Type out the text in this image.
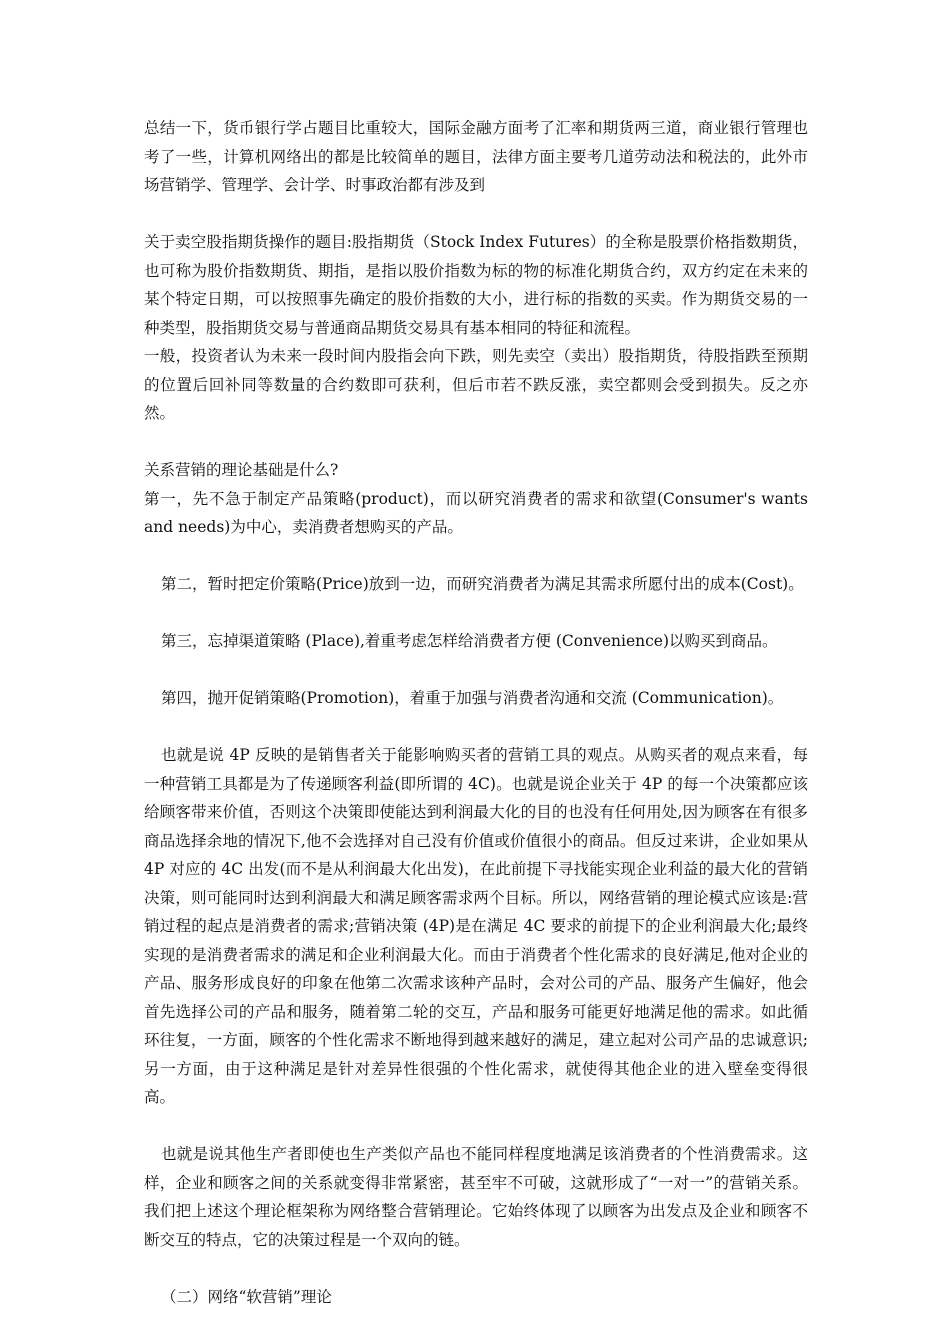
总结一下，货币银行学占题目比重较大，国际金融方面考了汇率和期货两三道，商业银行管理也考了一些，计算机网络出的都是比较简单的题目，法律方面主要考几道劳动法和税法的，此外市场营销学、管理学、会计学、时事政治都有涉及到

关于卖空股指期货操作的题目:股指期货（Stock Index Futures）的全称是股票价格指数期货，也可称为股价指数期货、期指，是指以股价指数为标的物的标准化期货合约，双方约定在未来的某个特定日期，可以按照事先确定的股价指数的大小，进行标的指数的买卖。作为期货交易的一种类型，股指期货交易与普通商品期货交易具有基本相同的特征和流程。

一般，投资者认为未来一段时间内股指会向下跌，则先卖空（卖出）股指期货，待股指跌至预期的位置后回补同等数量的合约数即可获利，但后市若不跌反涨，卖空都则会受到损失。反之亦然。

关系营销的理论基础是什么?

第一，先不急于制定产品策略(product)，而以研究消费者的需求和欲望(Consumer's wants and needs)为中心，卖消费者想购买的产品。

第二，暂时把定价策略(Price)放到一边，而研究消费者为满足其需求所愿付出的成本(Cost)。

第三，忘掉渠道策略 (Place),着重考虑怎样给消费者方便 (Convenience)以购买到商品。

第四，抛开促销策略(Promotion)，着重于加强与消费者沟通和交流 (Communication)。

也就是说 4P 反映的是销售者关于能影响购买者的营销工具的观点。从购买者的观点来看，每一种营销工具都是为了传递顾客利益(即所谓的 4C)。也就是说企业关于 4P 的每一个决策都应该给顾客带来价值，否则这个决策即使能达到利润最大化的目的也没有任何用处,因为顾客在有很多商品选择余地的情况下,他不会选择对自己没有价值或价值很小的商品。但反过来讲，企业如果从 4P 对应的 4C 出发(而不是从利润最大化出发)，在此前提下寻找能实现企业利益的最大化的营销决策，则可能同时达到利润最大和满足顾客需求两个目标。所以，网络营销的理论模式应该是:营销过程的起点是消费者的需求;营销决策 (4P)是在满足 4C 要求的前提下的企业利润最大化;最终实现的是消费者需求的满足和企业利润最大化。而由于消费者个性化需求的良好满足,他对企业的产品、服务形成良好的印象在他第二次需求该种产品时，会对公司的产品、服务产生偏好，他会首先选择公司的产品和服务，随着第二轮的交互，产品和服务可能更好地满足他的需求。如此循环往复，一方面，顾客的个性化需求不断地得到越来越好的满足，建立起对公司产品的忠诚意识;另一方面，由于这种满足是针对差异性很强的个性化需求，就使得其他企业的进入壁垒变得很高。

也就是说其他生产者即使也生产类似产品也不能同样程度地满足该消费者的个性消费需求。这样，企业和顾客之间的关系就变得非常紧密，甚至牢不可破，这就形成了“一对一”的营销关系。我们把上述这个理论框架称为网络整合营销理论。它始终体现了以顾客为出发点及企业和顾客不断交互的特点，它的决策过程是一个双向的链。

（二）网络“软营销”理论
